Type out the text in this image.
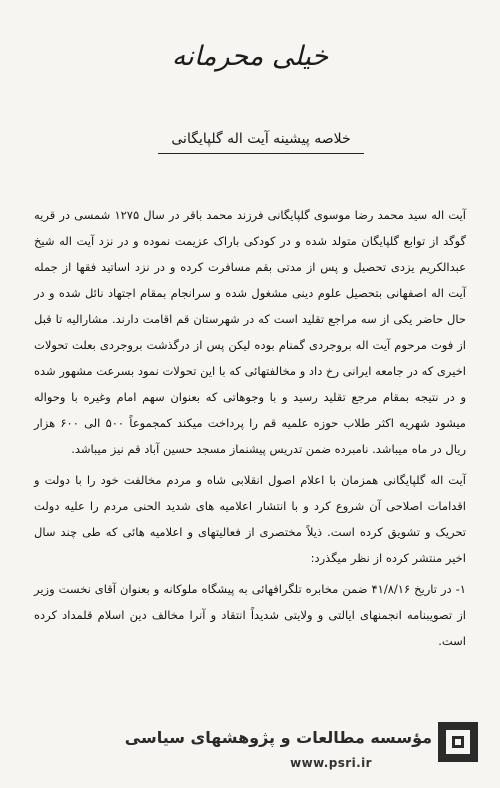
خیلی محرمانه
خلاصه پیشینه آیت اله گلپایگانی

آیت اله سید محمد رضا موسوی گلپایگانی فرزند محمد باقر در سال ۱۲۷۵ شمسی در قریه گوگد از توابع گلپایگان متولد شده و در کودکی باراک عزیمت نموده و در نزد آیت اله شیخ عبدالکریم یزدی تحصیل و پس از مدتی بقم مسافرت کرده و در نزد اساتید فقها از جمله آیت اله اصفهانی بتحصیل علوم دینی مشغول شده و سرانجام بمقام اجتهاد نائل شده و در حال حاضر یکی از سه مراجع تقلید است که در شهرستان قم اقامت دارند. مشارالیه تا قبل از فوت مرحوم آیت اله بروجردی گمنام بوده لیکن پس از درگذشت بروجردی بعلت تحولات اخیری که در جامعه ایرانی رخ داد و مخالفتهائی که با این تحولات نمود بسرعت مشهور شده و در نتیجه بمقام مرجع تقلید رسید و با وجوهاتی که بعنوان سهم امام وغیره با وحواله میشود شهریه اکثر طلاب حوزه علمیه قم را پرداخت میکند کمجموعاً ۵۰۰ الی ۶۰۰ هزار ریال در ماه میباشد. نامبرده ضمن تدریس پیشنماز مسجد حسین آباد قم نیز میباشد.

آیت اله گلپایگانی همزمان با اعلام اصول انقلابی شاه و مردم مخالفت خود را با دولت و اقدامات اصلاحی آن شروع کرد و با انتشار اعلامیه های شدید الحنی مردم را علیه دولت تحریک و تشویق کرده است. ذیلاً مختصری از فعالیتهای و اعلامیه هائی که طی چند سال اخیر منتشر کرده از نظر میگذرد:

۱- در تاریخ ۴۱/۸/۱۶ ضمن مخابره تلگرافهائی به پیشگاه ملوکانه و بعنوان آقای نخست وزیر از تصویبنامه انجمنهای ایالتی و ولایتی شدیداً انتقاد و آنرا مخالف دین اسلام قلمداد کرده است.

مؤسسه مطالعات و پژوهشهای سیاسی
www.psri.ir
